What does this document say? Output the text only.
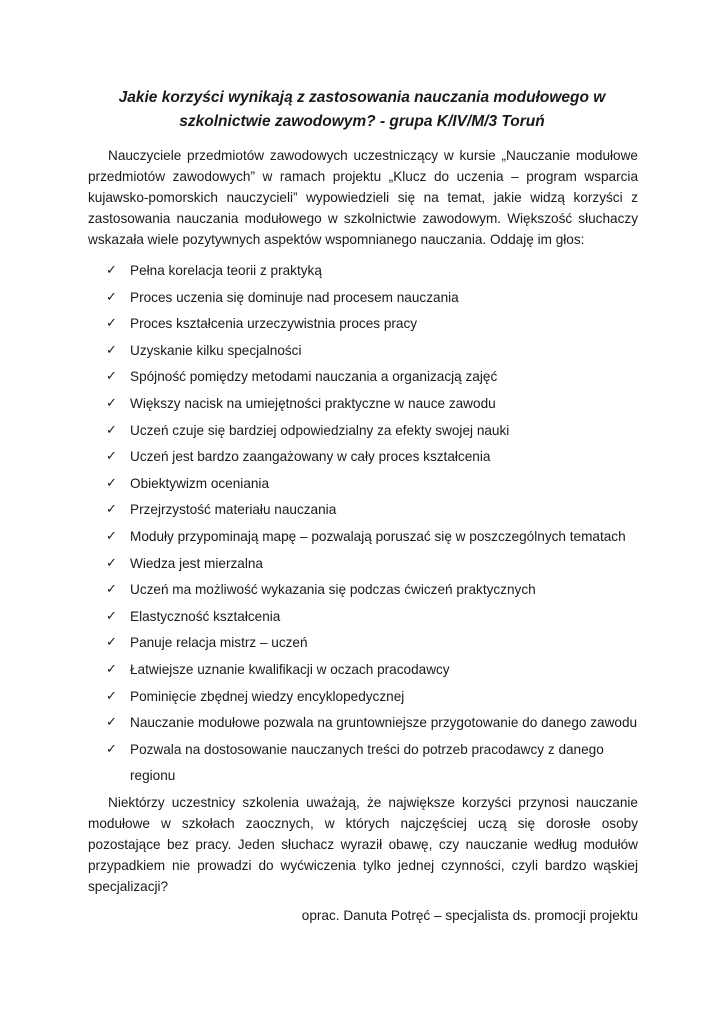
Jakie korzyści wynikają z zastosowania nauczania modułowego w
szkolnictwie zawodowym? - grupa K/IV/M/3 Toruń

Nauczyciele przedmiotów zawodowych uczestniczący w kursie „Nauczanie modułowe przedmiotów zawodowych” w ramach projektu „Klucz do uczenia – program wsparcia kujawsko-pomorskich nauczycieli” wypowiedzieli się na temat, jakie widzą korzyści z zastosowania nauczania modułowego w szkolnictwie zawodowym. Większość słuchaczy wskazała wiele pozytywnych aspektów wspomnianego nauczania. Oddaję im głos:

✓ Pełna korelacja teorii z praktyką
✓ Proces uczenia się dominuje nad procesem nauczania
✓ Proces kształcenia urzeczywistnia proces pracy
✓ Uzyskanie kilku specjalności
✓ Spójność pomiędzy metodami nauczania a organizacją zajęć
✓ Większy nacisk na umiejętności praktyczne w nauce zawodu
✓ Uczeń czuje się bardziej odpowiedzialny za efekty swojej nauki
✓ Uczeń jest bardzo zaangażowany w cały proces kształcenia
✓ Obiektywizm oceniania
✓ Przejrzystość materiału nauczania
✓ Moduły przypominają mapę – pozwalają poruszać się w poszczególnych tematach
✓ Wiedza jest mierzalna
✓ Uczeń ma możliwość wykazania się podczas ćwiczeń praktycznych
✓ Elastyczność kształcenia
✓ Panuje relacja mistrz – uczeń
✓ Łatwiejsze uznanie kwalifikacji w oczach pracodawcy
✓ Pominięcie zbędnej wiedzy encyklopedycznej
✓ Nauczanie modułowe pozwala na gruntowniejsze przygotowanie do danego zawodu
✓ Pozwala na dostosowanie nauczanych treści do potrzeb pracodawcy z danego regionu

Niektórzy uczestnicy szkolenia uważają, że największe korzyści przynosi nauczanie modułowe w szkołach zaocznych, w których najczęściej uczą się dorosłe osoby pozostające bez pracy. Jeden słuchacz wyraził obawę, czy nauczanie według modułów przypadkiem nie prowadzi do wyćwiczenia tylko jednej czynności, czyli bardzo wąskiej specjalizacji?

oprac. Danuta Potręć – specjalista ds. promocji projektu
